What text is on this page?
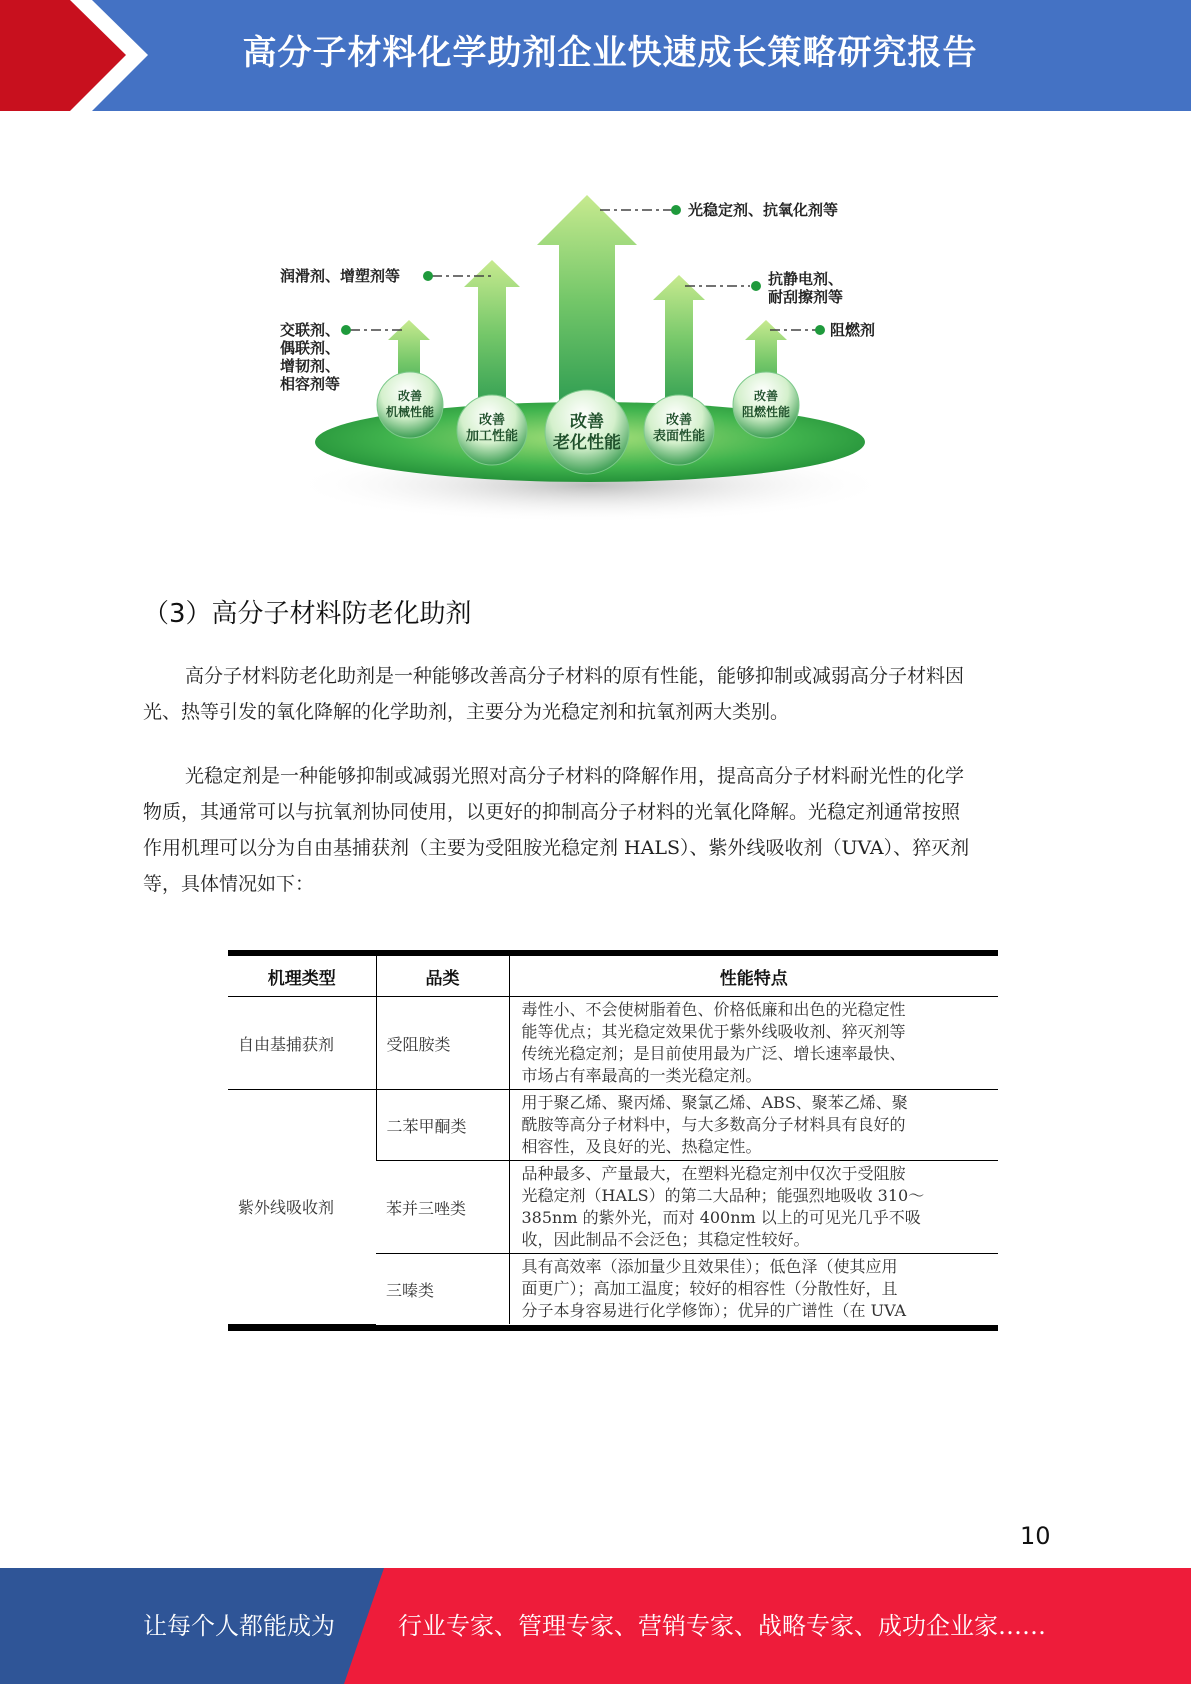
高分子材料化学助剂企业快速成长策略研究报告
光稳定剂、抗氧化剂等
润滑剂、增塑剂等	抗静电剂、
耐刮擦剂等
阻燃剂
交联剂、
偶联剂、
增韧剂、
相容剂等
改善
机械性能
改善
加工性能
改善
老化性能
改善
表面性能
改善
阻燃性能
（3）高分子材料防老化助剂
高分子材料防老化助剂是一种能够改善高分子材料的原有性能，能够抑制或减弱高分子材料因
光、热等引发的氧化降解的化学助剂，主要分为光稳定剂和抗氧剂两大类别。
光稳定剂是一种能够抑制或减弱光照对高分子材料的降解作用，提高高分子材料耐光性的化学
物质，其通常可以与抗氧剂协同使用，以更好的抑制高分子材料的光氧化降解。光稳定剂通常按照
作用机理可以分为自由基捕获剂（主要为受阻胺光稳定剂 HALS）、紫外线吸收剂（UVA）、猝灭剂
等，具体情况如下：
机理类型	品类	性能特点
自由基捕获剂	受阻胺类	毒性小、不会使树脂着色、价格低廉和出色的光稳定性
能等优点；其光稳定效果优于紫外线吸收剂、猝灭剂等
传统光稳定剂；是目前使用最为广泛、增长速率最快、
市场占有率最高的一类光稳定剂。

紫外线吸收剂	二苯甲酮类	用于聚乙烯、聚丙烯、聚氯乙烯、ABS、聚苯乙烯、聚
酰胺等高分子材料中，与大多数高分子材料具有良好的
相容性，及良好的光、热稳定性。

	苯并三唑类	品种最多、产量最大，在塑料光稳定剂中仅次于受阻胺
光稳定剂（HALS）的第二大品种；能强烈地吸收 310～
385nm 的紫外光，而对 400nm 以上的可见光几乎不吸
收，因此制品不会泛色；其稳定性较好。

	三嗪类	具有高效率（添加量少且效果佳）；低色泽（使其应用
面更广）；高加工温度；较好的相容性（分散性好，且
分子本身容易进行化学修饰）；优异的广谱性（在 UVA
10
让每个人都能成为	行业专家、管理专家、营销专家、战略专家、成功企业家……
